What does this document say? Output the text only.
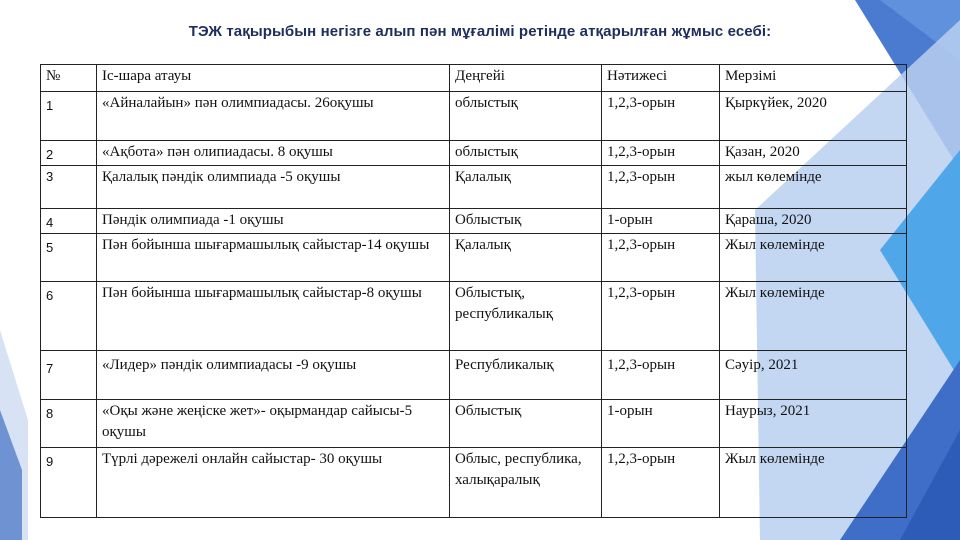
ТЭЖ тақырыбын негізге алып пән мұғалімі ретінде атқарылған жұмыс есебі:
№	Іс-шара атауы	Деңгейі	Нәтижесі	Мерзімі
1	«Айналайын» пән олимпиадасы. 26оқушы	облыстық	1,2,3-орын	Қыркүйек, 2020
2	«Ақбота» пән олипиадасы. 8 оқушы	облыстық	1,2,3-орын	Қазан, 2020
3	Қалалық пәндік олимпиада -5 оқушы	Қалалық	1,2,3-орын	жыл көлемінде
4	Пәндік олимпиада -1 оқушы	Облыстық	1-орын	Қараша, 2020
5	Пән бойынша шығармашылық сайыстар-14 оқушы	Қалалық	1,2,3-орын	Жыл көлемінде
6	Пән бойынша шығармашылық сайыстар-8 оқушы	Облыстық, республикалық	1,2,3-орын	Жыл көлемінде
7	«Лидер» пәндік олимпиадасы -9 оқушы	Республикалық	1,2,3-орын	Сәуір, 2021
8	«Оқы және жеңіске жет»- оқырмандар сайысы-5 оқушы	Облыстық	1-орын	Наурыз, 2021
9	Түрлі дәрежелі онлайн сайыстар- 30 оқушы	Облыс, республика, халықаралық	1,2,3-орын	Жыл көлемінде
